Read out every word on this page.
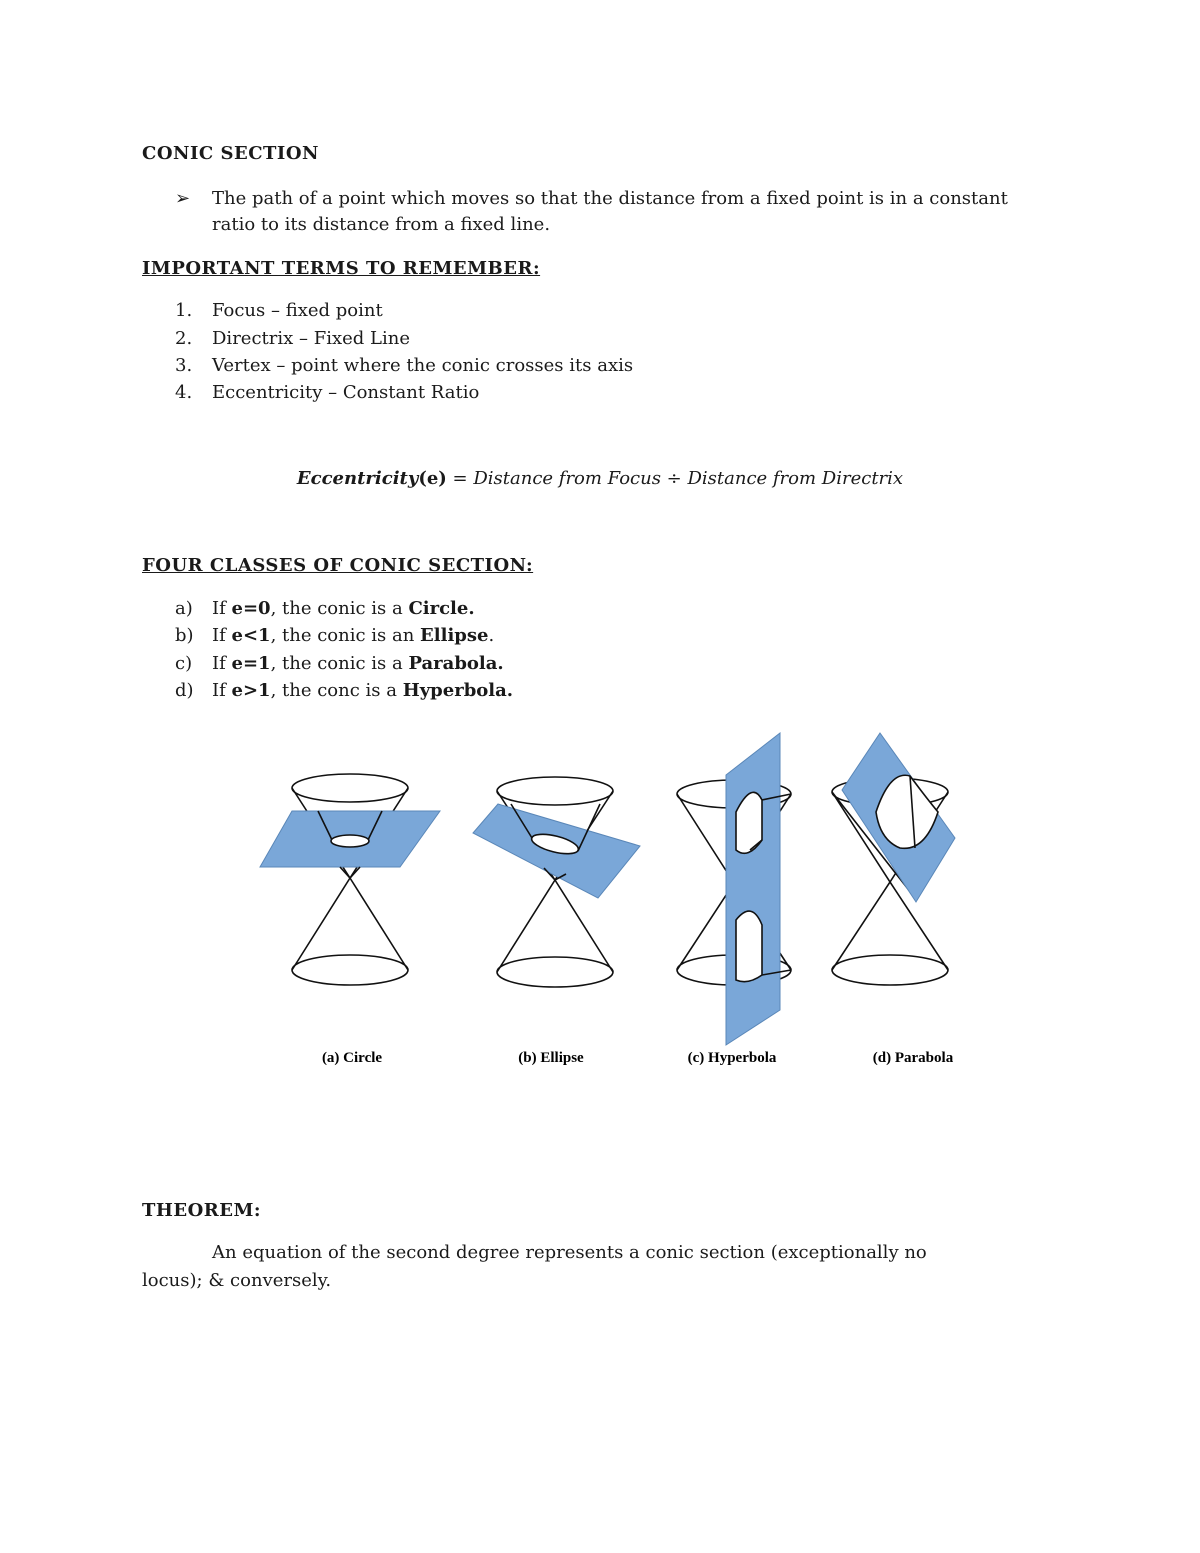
CONIC SECTION
➢ The path of a point which moves so that the distance from a fixed point is in a constant
ratio to its distance from a fixed line.
IMPORTANT TERMS TO REMEMBER:
1. Focus – fixed point
2. Directrix – Fixed Line
3. Vertex – point where the conic crosses its axis
4. Eccentricity – Constant Ratio
Eccentricity(e) = Distance from Focus ÷ Distance from Directrix
FOUR CLASSES OF CONIC SECTION:
a) If e=0, the conic is a Circle.
b) If e<1, the conic is an Ellipse.
c) If e=1, the conic is a Parabola.
d) If e>1, the conc is a Hyperbola.
(a) Circle	(b) Ellipse	(c) Hyperbola	(d) Parabola
THEOREM:
An equation of the second degree represents a conic section (exceptionally no
locus); & conversely.
